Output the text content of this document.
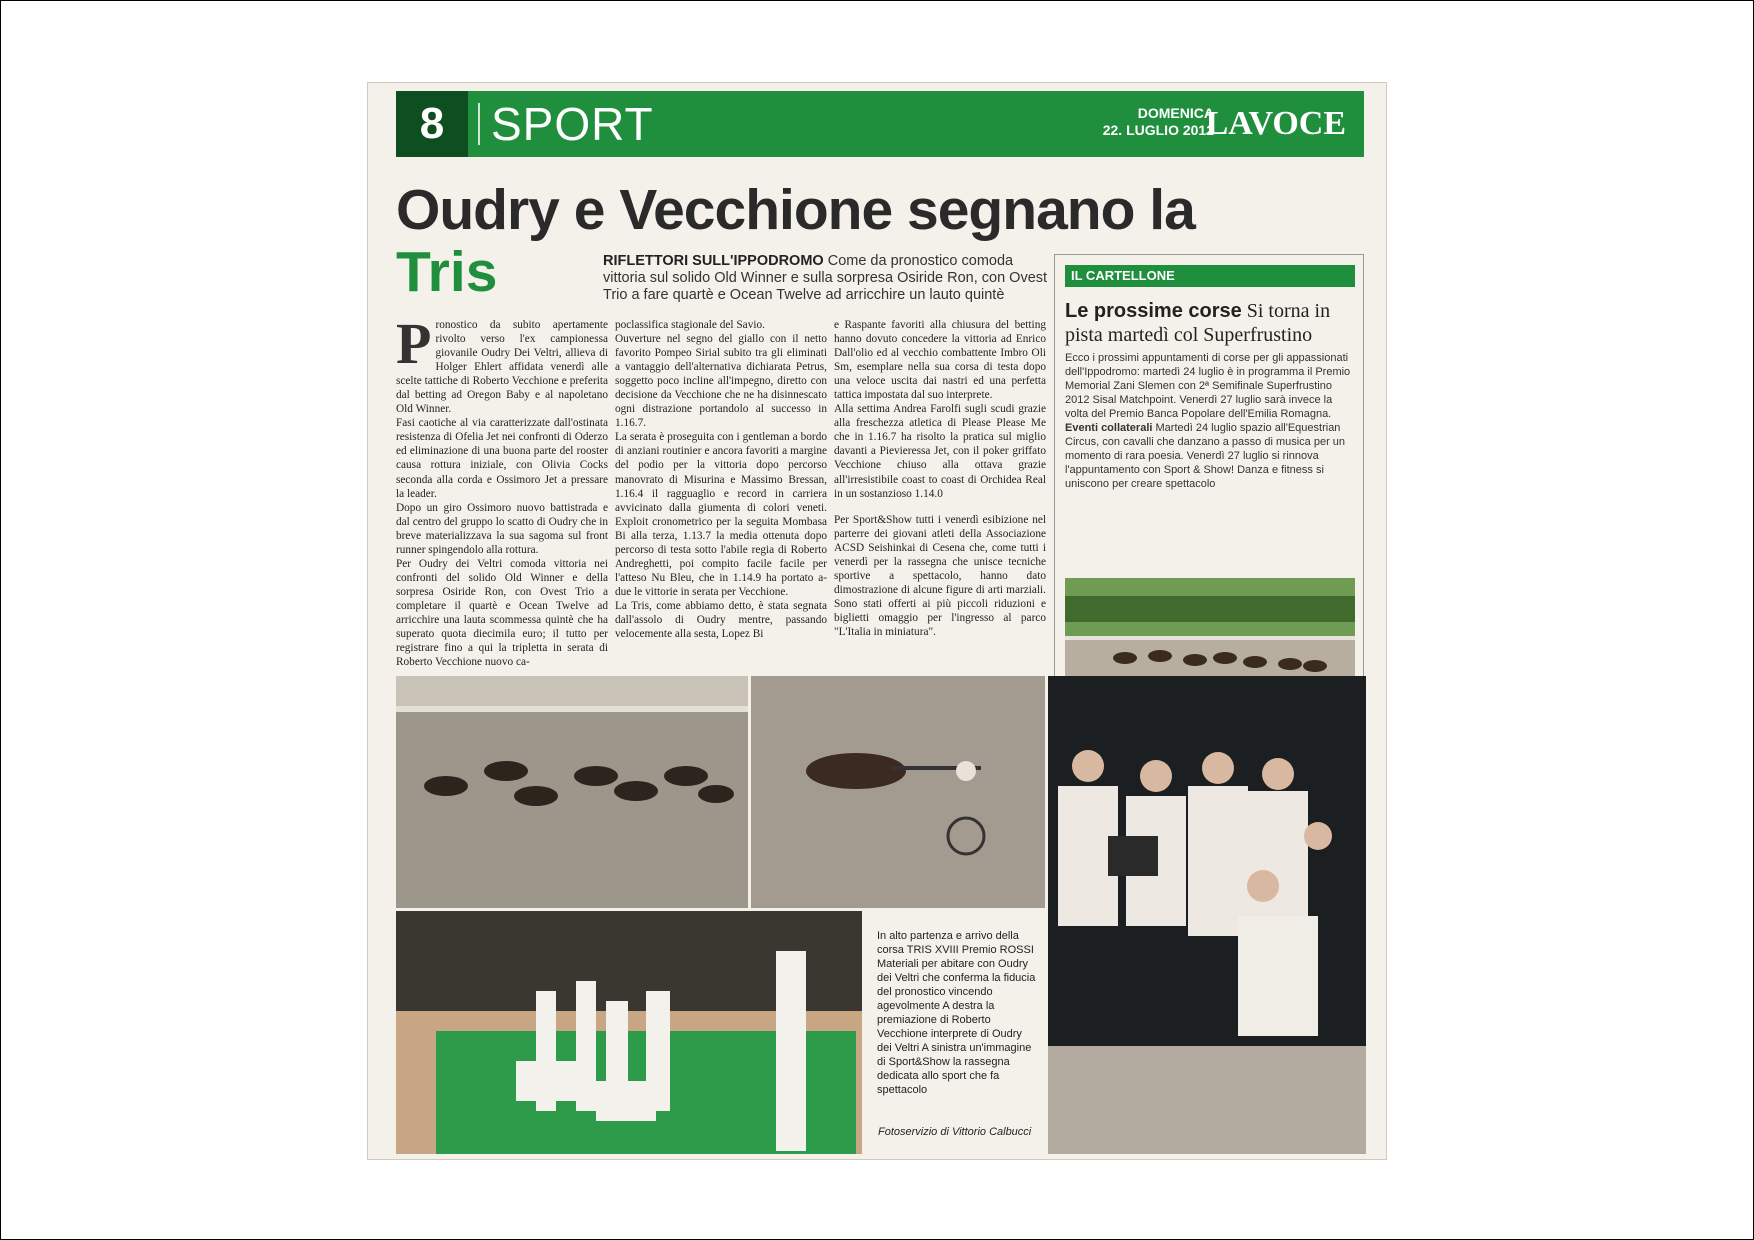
8	SPORT	DOMENICA
22. LUGLIO 2012
LAVOCE
Oudry e Vecchione segnano la
Tris	RIFLETTORI SULL'IPPODROMO Come da pronostico comoda vittoria sul solido Old Winner e sulla sorpresa Osiride Ron, con Ovest Trio a fare quartè e Ocean Twelve ad arricchire un lauto quintè
P ronostico da subito apertamente rivolto verso l'ex campionessa giovanile Oudry Dei Veltri, allieva di Holger Ehlert affidata venerdì alle scelte tattiche di Roberto Vecchione e preferita dal betting ad Oregon Baby e al napoletano Old Winner.

Fasi caotiche al via caratterizzate dall'ostinata resistenza di Ofelia Jet nei confronti di Oderzo ed eliminazione di una buona parte del rooster causa rottura iniziale, con Olivia Cocks seconda alla corda e Ossimoro Jet a pressare la leader.

Dopo un giro Ossimoro nuovo battistrada e dal centro del gruppo lo scatto di Oudry che in breve materializzava la sua sagoma sul front runner spingendolo alla rottura.

Per Oudry dei Veltri comoda vittoria nei confronti del solido Old Winner e della sorpresa Osiride Ron, con Ovest Trio a completare il quartè e Ocean Twelve ad arricchire una lauta scommessa quintè che ha superato quota diecimila euro; il tutto per registrare fino a qui la tripletta in serata di Roberto Vecchione nuovo ca-

poclassifica stagionale del Savio.

Ouverture nel segno del giallo con il netto favorito Pompeo Sirial subito tra gli eliminati a vantaggio dell'alternativa dichiarata Petrus, soggetto poco incline all'impegno, diretto con decisione da Vecchione che ne ha disinnescato ogni distrazione portandolo al successo in 1.16.7.

La serata è proseguita con i gentleman a bordo di anziani routinier e ancora favoriti a margine del podio per la vittoria dopo percorso manovrato di Misurina e Massimo Bressan, 1.16.4 il ragguaglio e record in carriera avvicinato dalla giumenta di colori veneti. Exploit cronometrico per la seguita Mombasa Bi alla terza, 1.13.7 la media ottenuta dopo percorso di testa sotto l'abile regia di Roberto Andreghetti, poi compito facile facile per l'atteso Nu Bleu, che in 1.14.9 ha portato a-due le vittorie in serata per Vecchione.

La Tris, come abbiamo detto, è stata segnata dall'assolo di Oudry mentre, passando velocemente alla sesta, Lopez Bi

e Raspante favoriti alla chiusura del betting hanno dovuto concedere la vittoria ad Enrico Dall'olio ed al vecchio combattente Imbro Oli Sm, esemplare nella sua corsa di testa dopo una veloce uscita dai nastri ed una perfetta tattica impostata dal suo interprete.

Alla settima Andrea Farolfi sugli scudi grazie alla freschezza atletica di Please Please Me che in 1.16.7 ha risolto la pratica sul miglio davanti a Pievieressa Jet, con il poker griffato Vecchione chiuso alla ottava grazie all'irresistibile coast to coast di Orchidea Real in un sostanzioso 1.14.0

Per Sport&Show tutti i venerdì esibizione nel parterre dei giovani atleti della Associazione ACSD Seishinkai di Cesena che, come tutti i venerdì per la rassegna che unisce tecniche sportive a spettacolo, hanno dato dimostrazione di alcune figure di arti marziali. Sono stati offerti ai più piccoli riduzioni e biglietti omaggio per l'ingresso al parco "L'Italia in miniatura".

IL CARTELLONE
Le prossime corse Si torna in pista martedì col Superfrustino

Ecco i prossimi appuntamenti di corse per gli appassionati dell'Ippodromo: martedì 24 luglio è in programma il Premio Memorial Zani Slemen con 2ª Semifinale Superfrustino 2012 Sisal Matchpoint. Venerdì 27 luglio sarà invece la volta del Premio Banca Popolare dell'Emilia Romagna.

Eventi collaterali Martedì 24 luglio spazio all'Equestrian Circus, con cavalli che danzano a passo di musica per un momento di rara poesia. Venerdì 27 luglio si rinnova l'appuntamento con Sport & Show! Danza e fitness si uniscono per creare spettacolo

In alto partenza e arrivo della corsa TRIS XVIII Premio ROSSI Materiali per abitare con Oudry dei Veltri che conferma la fiducia del pronostico vincendo agevolmente A destra la premiazione di Roberto Vecchione interprete di Oudry dei Veltri A sinistra un'immagine di Sport&Show la rassegna dedicata allo sport che fa spettacolo
Fotoservizio di Vittorio Calbucci
